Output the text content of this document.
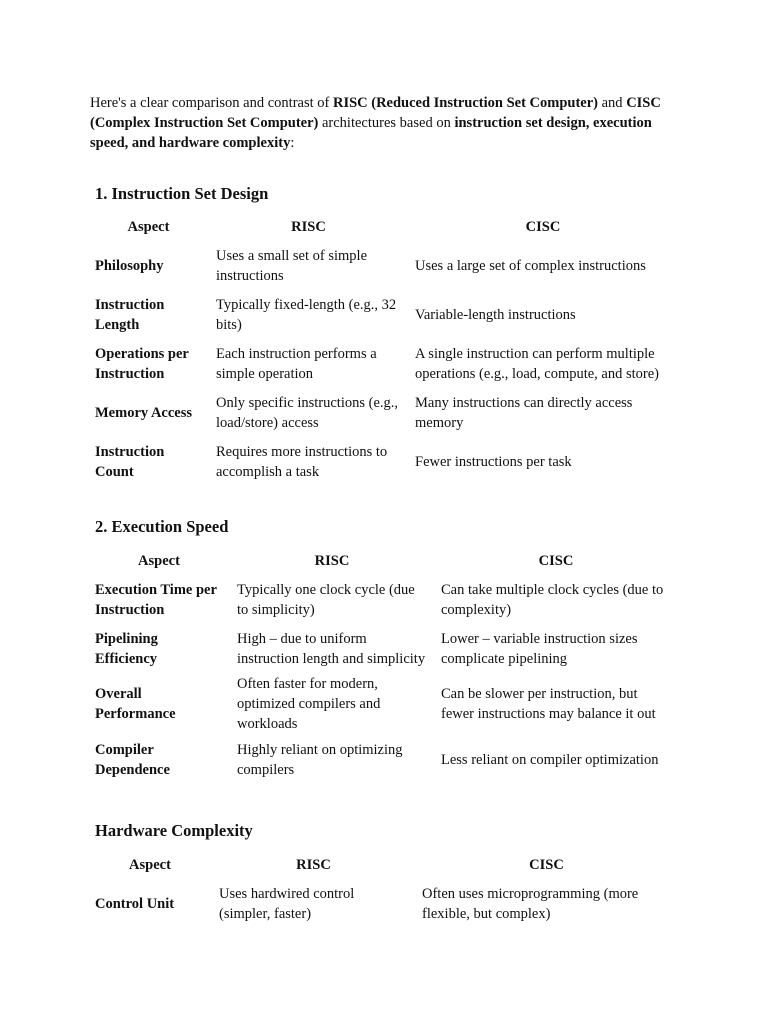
Here's a clear comparison and contrast of RISC (Reduced Instruction Set Computer) and CISC (Complex Instruction Set Computer) architectures based on instruction set design, execution speed, and hardware complexity:
1. Instruction Set Design
Aspect	RISC	CISC
Philosophy	Uses a small set of simple instructions	Uses a large set of complex instructions
Instruction Length	Typically fixed-length (e.g., 32 bits)	Variable-length instructions
Operations per Instruction	Each instruction performs a simple operation	A single instruction can perform multiple operations (e.g., load, compute, and store)
Memory Access	Only specific instructions (e.g., load/store) access	Many instructions can directly access memory
Instruction Count	Requires more instructions to accomplish a task	Fewer instructions per task
2. Execution Speed
Aspect	RISC	CISC
Execution Time per Instruction	Typically one clock cycle (due to simplicity)	Can take multiple clock cycles (due to complexity)
Pipelining Efficiency	High – due to uniform instruction length and simplicity	Lower – variable instruction sizes complicate pipelining
Overall Performance	Often faster for modern, optimized compilers and workloads	Can be slower per instruction, but fewer instructions may balance it out
Compiler Dependence	Highly reliant on optimizing compilers	Less reliant on compiler optimization
Hardware Complexity
Aspect	RISC	CISC
Control Unit	Uses hardwired control (simpler, faster)	Often uses microprogramming (more flexible, but complex)
